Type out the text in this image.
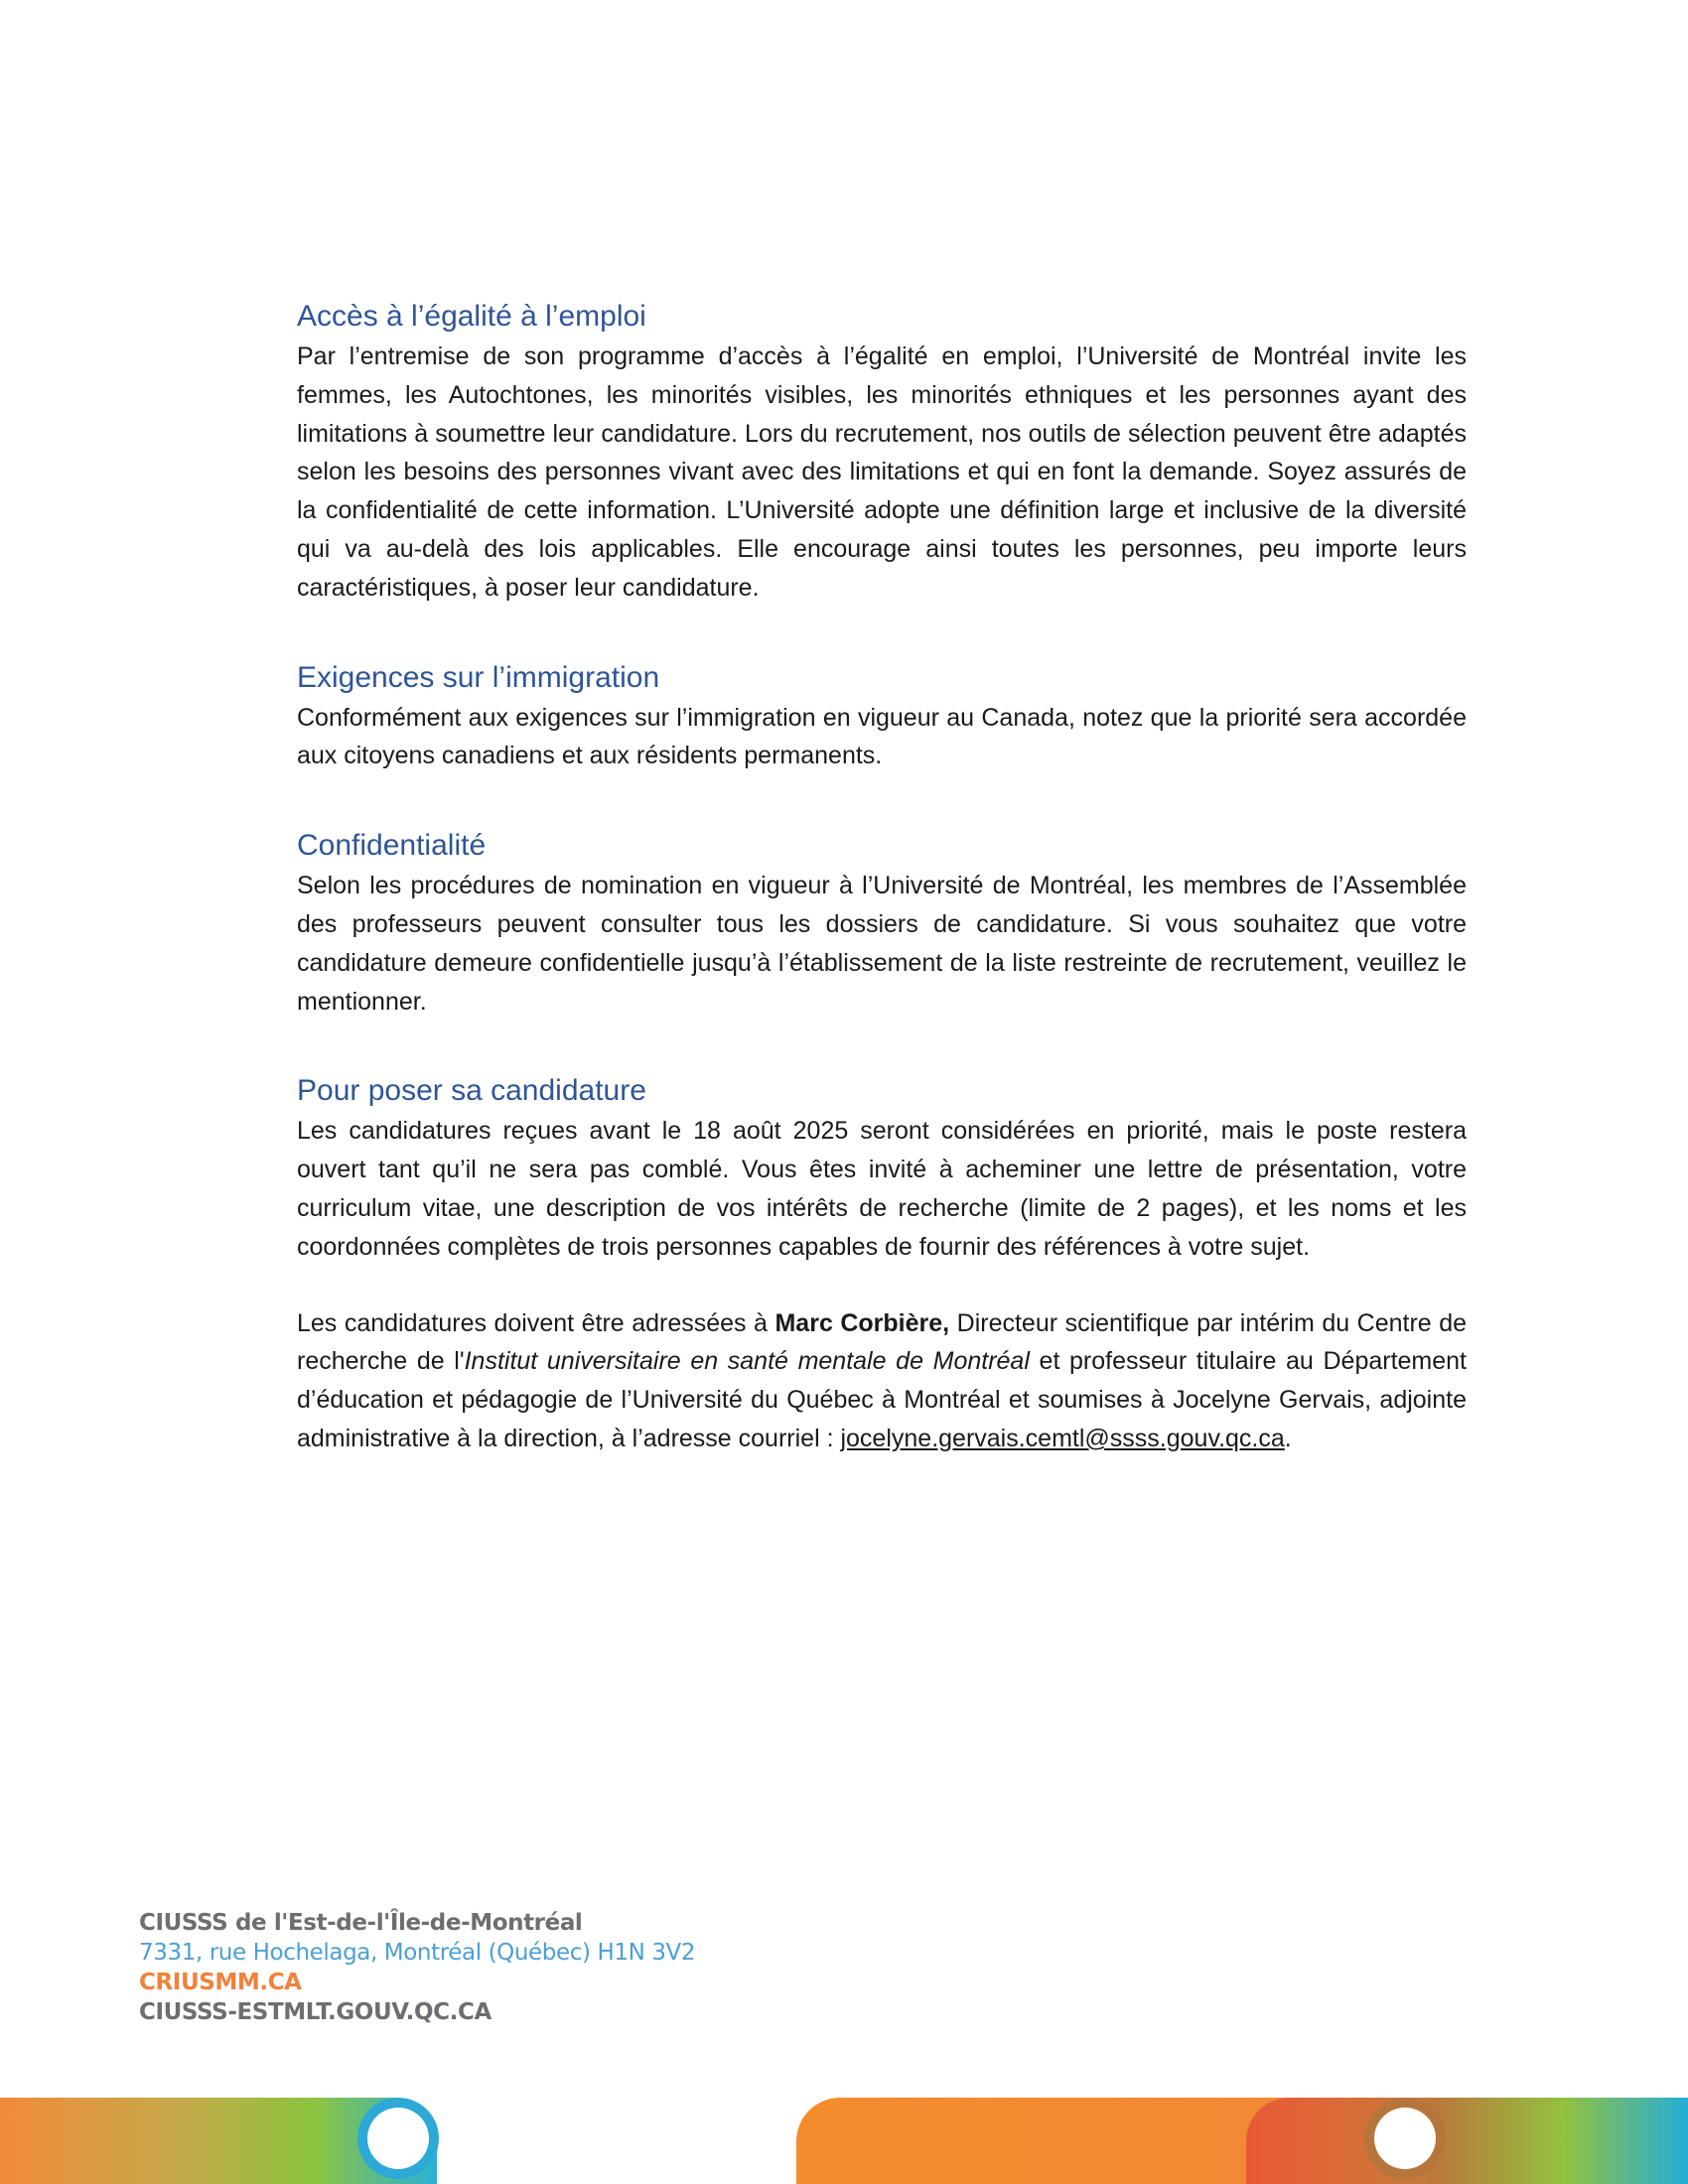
Accès à l’égalité à l’emploi

Par l’entremise de son programme d’accès à l’égalité en emploi, l’Université de Montréal invite les femmes, les Autochtones, les minorités visibles, les minorités ethniques et les personnes ayant des limitations à soumettre leur candidature. Lors du recrutement, nos outils de sélection peuvent être adaptés selon les besoins des personnes vivant avec des limitations et qui en font la demande. Soyez assurés de la confidentialité de cette information. L’Université adopte une définition large et inclusive de la diversité qui va au-delà des lois applicables. Elle encourage ainsi toutes les personnes, peu importe leurs caractéristiques, à poser leur candidature.

Exigences sur l’immigration

Conformément aux exigences sur l’immigration en vigueur au Canada, notez que la priorité sera accordée aux citoyens canadiens et aux résidents permanents.

Confidentialité

Selon les procédures de nomination en vigueur à l’Université de Montréal, les membres de l’Assemblée des professeurs peuvent consulter tous les dossiers de candidature. Si vous souhaitez que votre candidature demeure confidentielle jusqu’à l’établissement de la liste restreinte de recrutement, veuillez le mentionner.

Pour poser sa candidature

Les candidatures reçues avant le 18 août 2025 seront considérées en priorité, mais le poste restera ouvert tant qu’il ne sera pas comblé. Vous êtes invité à acheminer une lettre de présentation, votre curriculum vitae, une description de vos intérêts de recherche (limite de 2 pages), et les noms et les coordonnées complètes de trois personnes capables de fournir des références à votre sujet.

Les candidatures doivent être adressées à Marc Corbière, Directeur scientifique par intérim du Centre de recherche de l'Institut universitaire en santé mentale de Montréal et professeur titulaire au Département d’éducation et pédagogie de l’Université du Québec à Montréal et soumises à Jocelyne Gervais, adjointe administrative à la direction, à l’adresse courriel : jocelyne.gervais.cemtl@ssss.gouv.qc.ca.

CIUSSS de l'Est-de-l'Île-de-Montréal
7331, rue Hochelaga, Montréal (Québec) H1N 3V2
CRIUSMM.CA
CIUSSS-ESTMLT.GOUV.QC.CA
